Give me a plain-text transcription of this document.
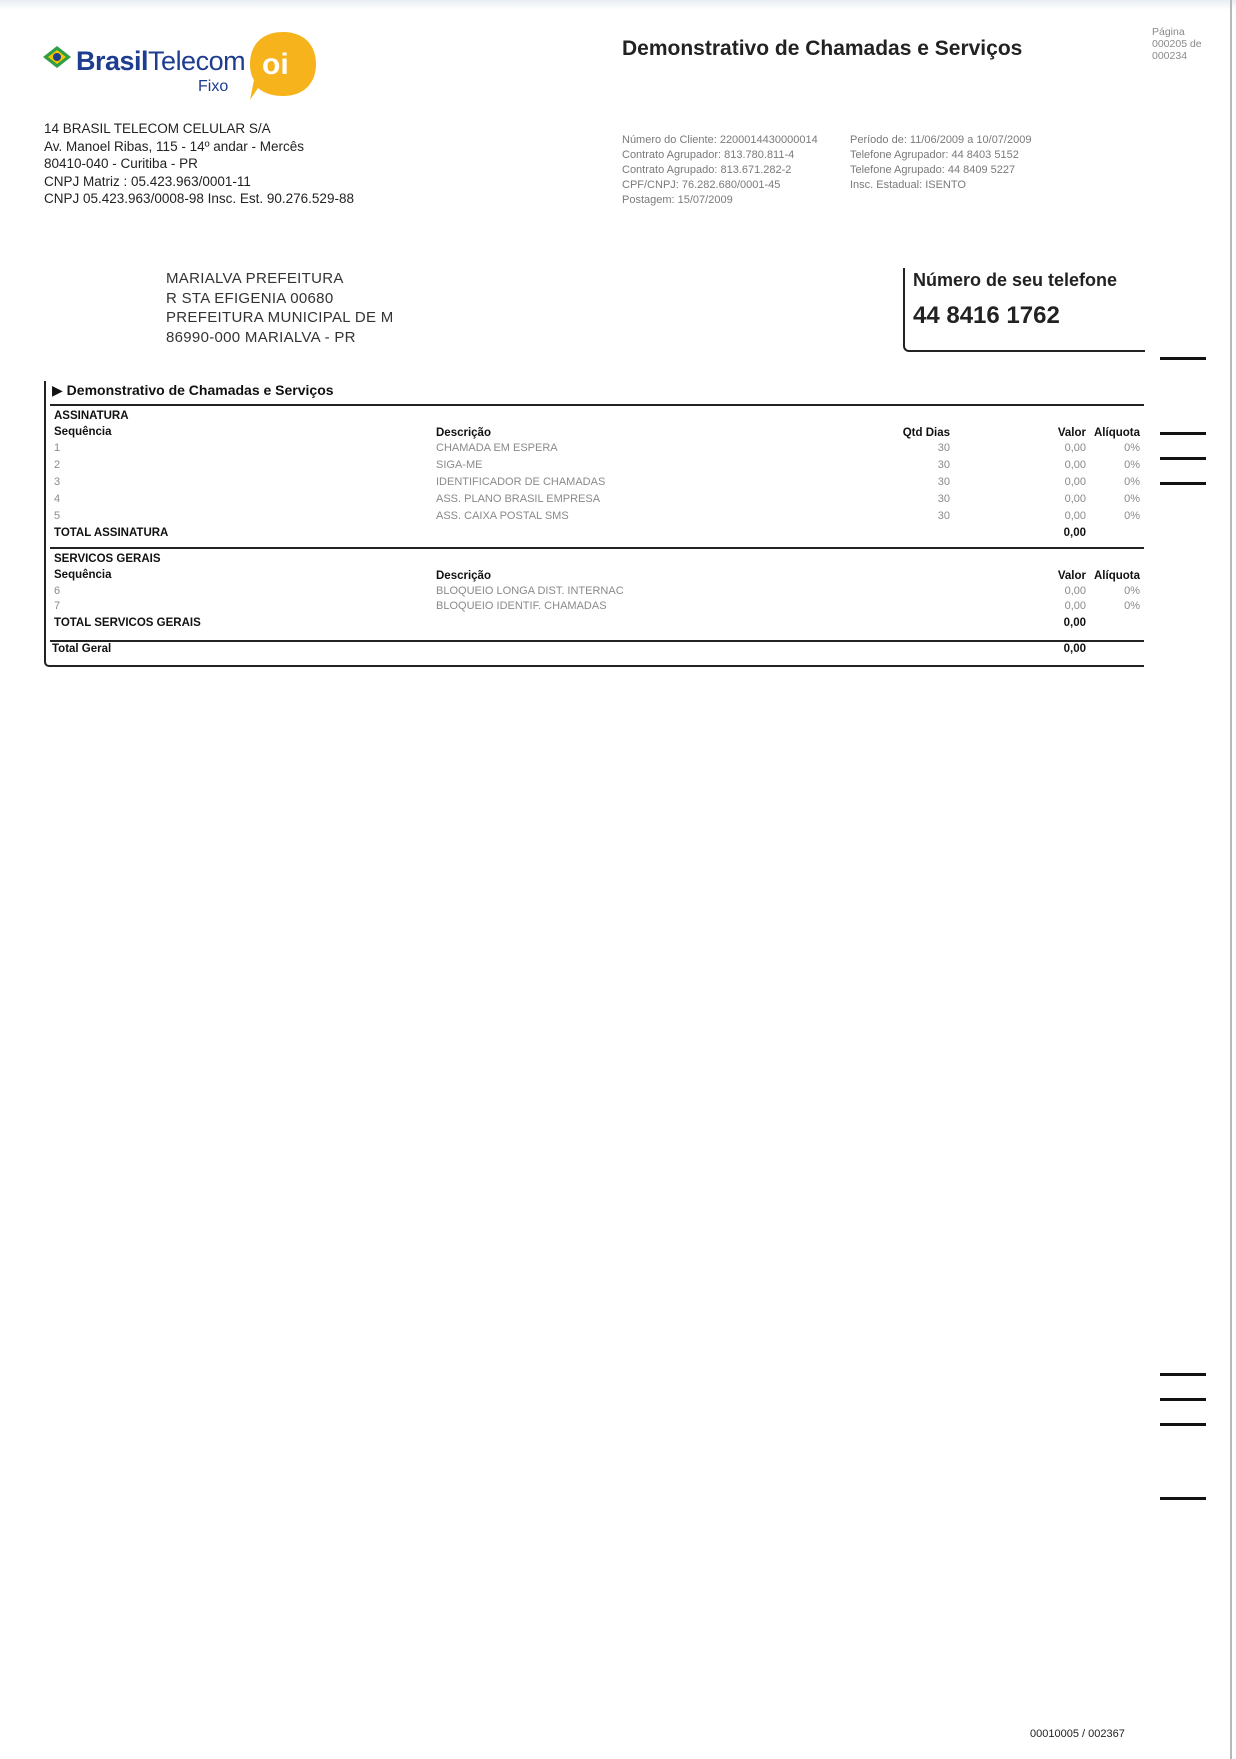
BrasilTelecom
Fixo
oi	Demonstrativo de Chamadas e Serviços
Página
000205 de
000234
14 BRASIL TELECOM CELULAR S/A
Av. Manoel Ribas, 115 - 14º andar - Mercês
80410-040 - Curitiba - PR
CNPJ Matriz : 05.423.963/0001-11
CNPJ 05.423.963/0008-98 Insc. Est. 90.276.529-88
Número do Cliente: 2200014430000014
Contrato Agrupador: 813.780.811-4
Contrato Agrupado: 813.671.282-2
CPF/CNPJ: 76.282.680/0001-45
Postagem: 15/07/2009
Período de: 11/06/2009 a 10/07/2009
Telefone Agrupador: 44 8403 5152
Telefone Agrupado: 44 8409 5227
Insc. Estadual: ISENTO
MARIALVA PREFEITURA
R STA EFIGENIA 00680
PREFEITURA MUNICIPAL DE M
86990-000 MARIALVA - PR
Número de seu telefone
44 8416 1762
▶ Demonstrativo de Chamadas e Serviços
ASSINATURA
Sequência	Descrição	Qtd Dias	Valor Alíquota
1	CHAMADA EM ESPERA	30	0,00	0%
2	SIGA-ME	30	0,00	0%
3	IDENTIFICADOR DE CHAMADAS	30	0,00	0%
4	ASS. PLANO BRASIL EMPRESA	30	0,00	0%
5	ASS. CAIXA POSTAL SMS	30	0,00	0%
TOTAL ASSINATURA	0,00
SERVICOS GERAIS
Sequência	Descrição	Valor Alíquota
6	BLOQUEIO LONGA DIST. INTERNAC	0,00	0%
7	BLOQUEIO IDENTIF. CHAMADAS	0,00	0%
TOTAL SERVICOS GERAIS	0,00
Total Geral	0,00
00010005 / 002367
